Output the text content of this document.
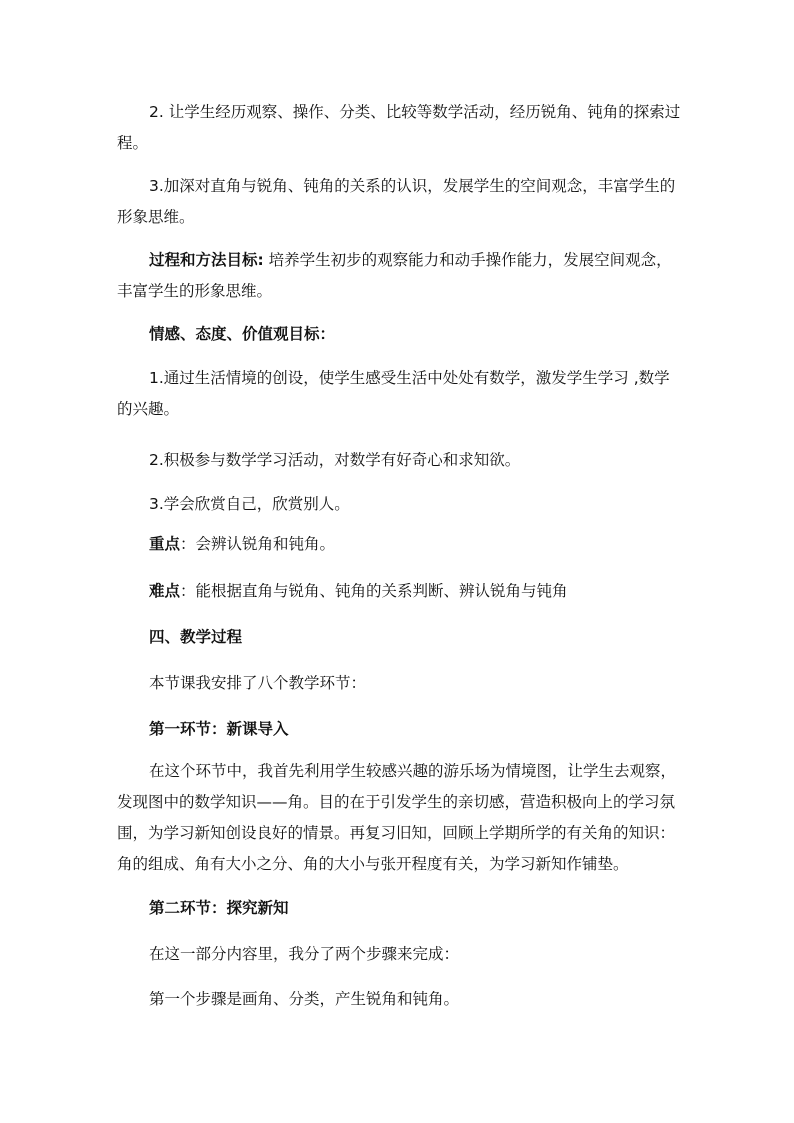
2. 让学生经历观察、操作、分类、比较等数学活动，经历锐角、钝角的探索过程。

3.加深对直角与锐角、钝角的关系的认识，发展学生的空间观念，丰富学生的形象思维。

过程和方法目标: 培养学生初步的观察能力和动手操作能力，发展空间观念，丰富学生的形象思维。

情感、态度、价值观目标：

1.通过生活情境的创设，使学生感受生活中处处有数学，激发学生学习 ,数学的兴趣。

2.积极参与数学学习活动，对数学有好奇心和求知欲。

3.学会欣赏自己，欣赏别人。

重点：会辨认锐角和钝角。

难点：能根据直角与锐角、钝角的关系判断、辨认锐角与钝角

四、教学过程

本节课我安排了八个教学环节：

第一环节：新课导入

在这个环节中，我首先利用学生较感兴趣的游乐场为情境图，让学生去观察，发现图中的数学知识——角。目的在于引发学生的亲切感，营造积极向上的学习氛围，为学习新知创设良好的情景。再复习旧知，回顾上学期所学的有关角的知识：角的组成、角有大小之分、角的大小与张开程度有关，为学习新知作铺垫。

第二环节：探究新知

在这一部分内容里，我分了两个步骤来完成：

第一个步骤是画角、分类，产生锐角和钝角。
